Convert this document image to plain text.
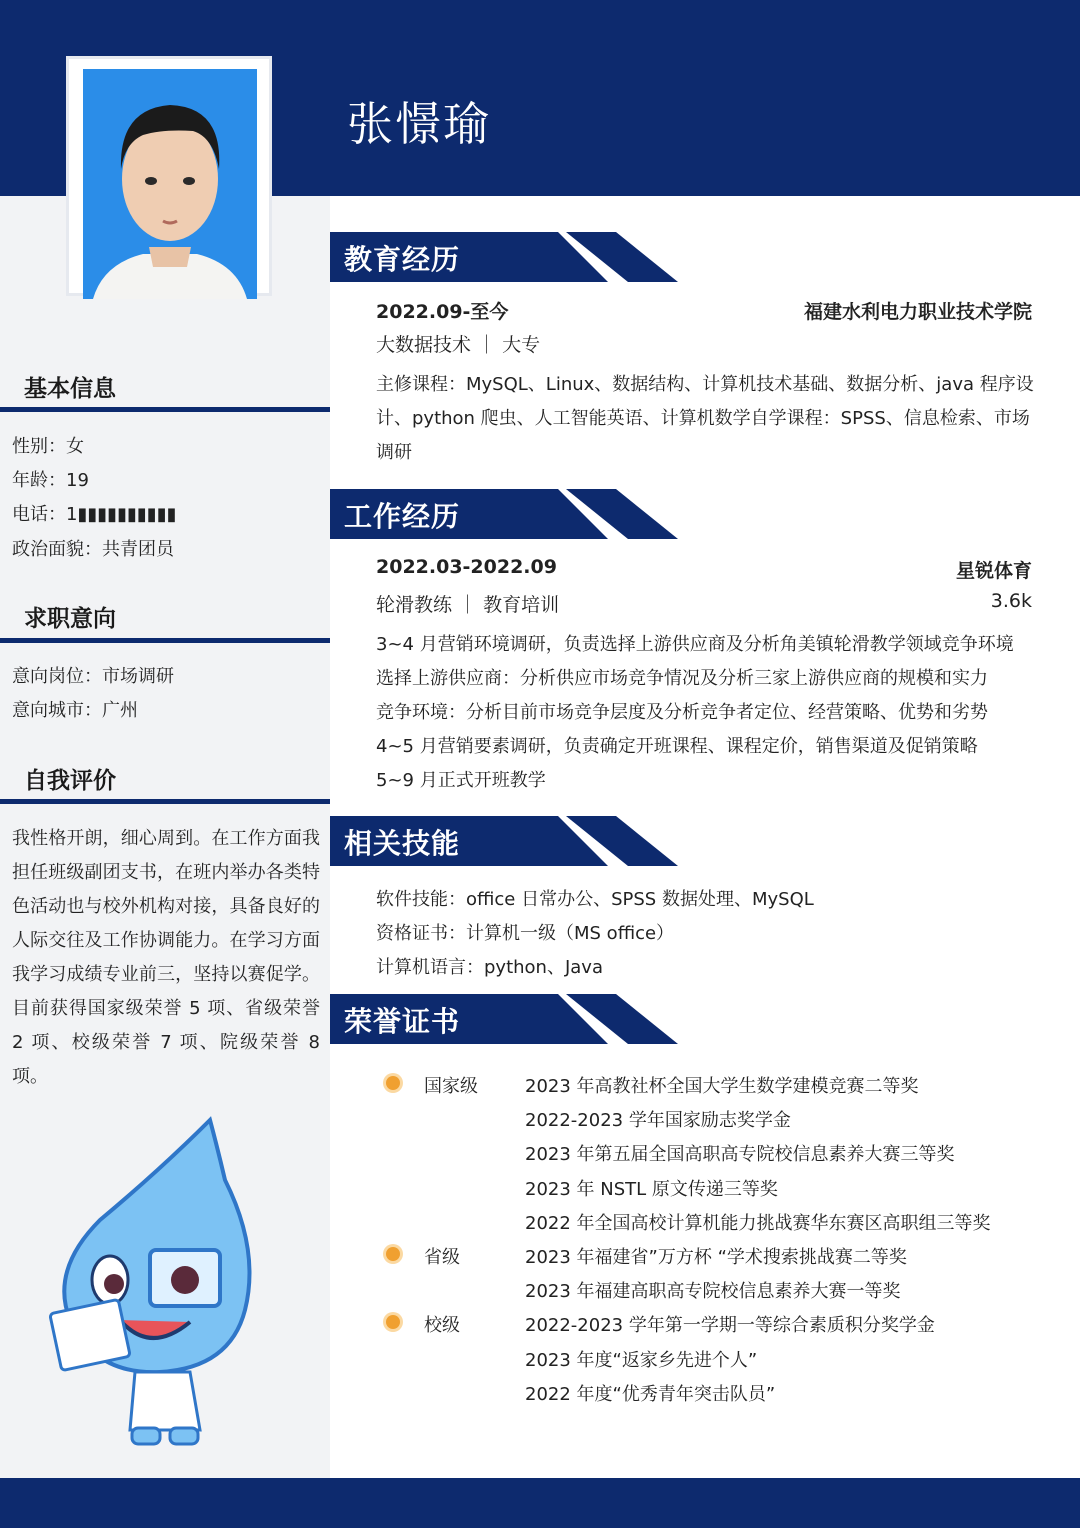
张憬瑜
基本信息
性别：女
年龄：19
电话：1▮▮▮▮▮▮▮▮▮▮
政治面貌：共青团员
求职意向
意向岗位：市场调研
意向城市：广州
自我评价
我性格开朗，细心周到。在工作方面我担任班级副团支书，在班内举办各类特色活动也与校外机构对接，具备良好的人际交往及工作协调能力。在学习方面我学习成绩专业前三，坚持以赛促学。目前获得国家级荣誉 5 项、省级荣誉 2 项、校级荣誉 7 项、院级荣誉 8 项。
教育经历
2022.09-至今	福建水利电力职业技术学院
大数据技术 ｜ 大专
主修课程：MySQL、Linux、数据结构、计算机技术基础、数据分析、java 程序设
计、python 爬虫、人工智能英语、计算机数学自学课程：SPSS、信息检索、市场
调研
工作经历
2022.03-2022.09	星锐体育
轮滑教练 ｜ 教育培训	3.6k
3~4 月营销环境调研，负责选择上游供应商及分析角美镇轮滑教学领域竞争环境
选择上游供应商：分析供应市场竞争情况及分析三家上游供应商的规模和实力
竞争环境：分析目前市场竞争层度及分析竞争者定位、经营策略、优势和劣势
4~5 月营销要素调研，负责确定开班课程、课程定价，销售渠道及促销策略
5~9 月正式开班教学
相关技能
软件技能：office 日常办公、SPSS 数据处理、MySQL
资格证书：计算机一级（MS office）
计算机语言：python、Java
荣誉证书
国家级	2023 年高教社杯全国大学生数学建模竞赛二等奖
2022-2023 学年国家励志奖学金
2023 年第五届全国高职高专院校信息素养大赛三等奖
2023 年 NSTL 原文传递三等奖
2022 年全国高校计算机能力挑战赛华东赛区高职组三等奖
省级	2023 年福建省”万方杯 “学术搜索挑战赛二等奖
2023 年福建高职高专院校信息素养大赛一等奖
校级	2022-2023 学年第一学期一等综合素质积分奖学金
2023 年度“返家乡先进个人”
2022 年度“优秀青年突击队员”
